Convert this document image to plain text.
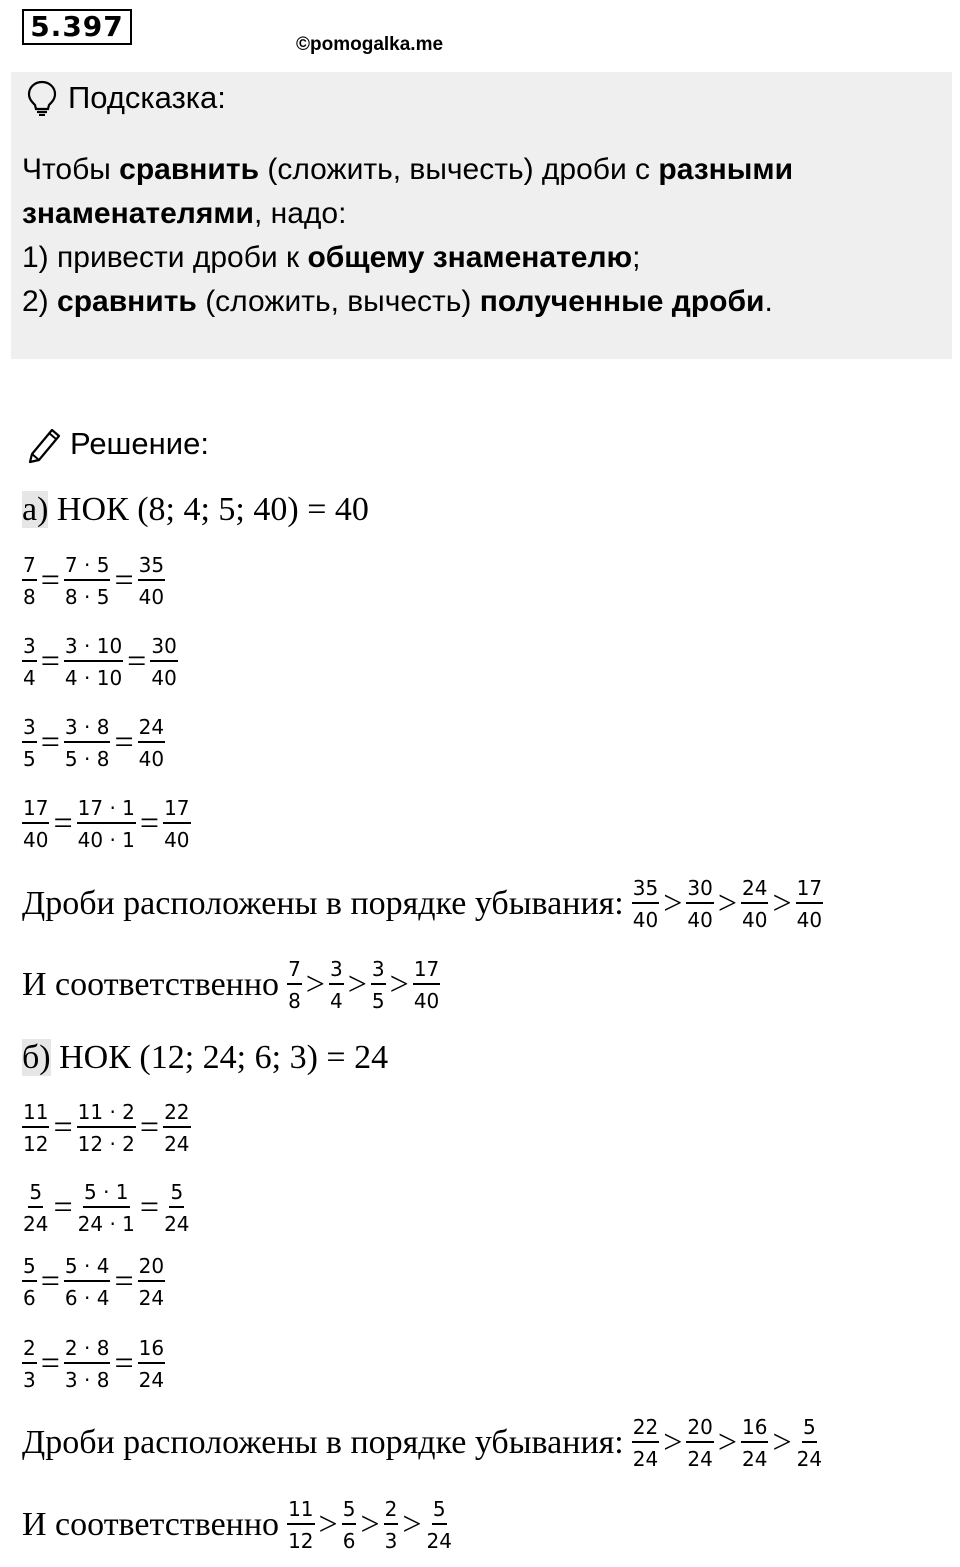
5.397
©pomogalka.me
Подсказка:
Чтобы сравнить (сложить, вычесть) дроби с разными
знаменателями, надо:
1) привести дроби к общему знаменателю;
2) сравнить (сложить, вычесть) полученные дроби.
Решение:
а) НОК (8; 4; 5; 40) = 40
$\frac{7}{8} = \frac{7 \cdot 5}{8 \cdot 5} = \frac{35}{40}$
$\frac{3}{4} = \frac{3 \cdot 10}{4 \cdot 10} = \frac{30}{40}$
$\frac{3}{5} = \frac{3 \cdot 8}{5 \cdot 8} = \frac{24}{40}$
$\frac{17}{40} = \frac{17 \cdot 1}{40 \cdot 1} = \frac{17}{40}$
Дроби расположены в порядке убывания: $\frac{35}{40} > \frac{30}{40} > \frac{24}{40} > \frac{17}{40}$
И соответственно $\frac{7}{8} > \frac{3}{4} > \frac{3}{5} > \frac{17}{40}$
б) НОК (12; 24; 6; 3) = 24
$\frac{11}{12} = \frac{11 \cdot 2}{12 \cdot 2} = \frac{22}{24}$
$\frac{5}{24} = \frac{5 \cdot 1}{24 \cdot 1} = \frac{5}{24}$
$\frac{5}{6} = \frac{5 \cdot 4}{6 \cdot 4} = \frac{20}{24}$
$\frac{2}{3} = \frac{2 \cdot 8}{3 \cdot 8} = \frac{16}{24}$
Дроби расположены в порядке убывания: $\frac{22}{24} > \frac{20}{24} > \frac{16}{24} > \frac{5}{24}$
И соответственно $\frac{11}{12} > \frac{5}{6} > \frac{2}{3} > \frac{5}{24}$
